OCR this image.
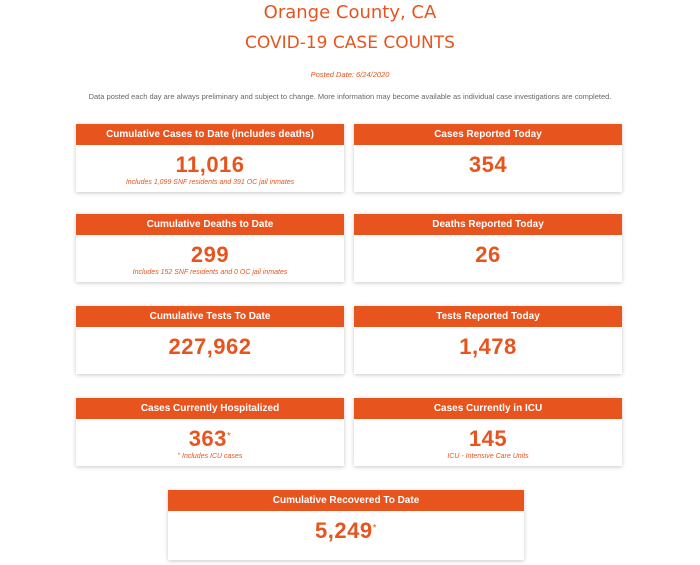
Orange County, CA
COVID-19 CASE COUNTS
Posted Date: 6/24/2020
Data posted each day are always preliminary and subject to change. More information may become available as individual case investigations are completed.
Cumulative Cases to Date (includes deaths)
11,016
Includes 1,099 SNF residents and 391 OC jail inmates
Cases Reported Today
354
Cumulative Deaths to Date
299
Includes 152 SNF residents and 0 OC jail inmates
Deaths Reported Today
26
Cumulative Tests To Date
227,962
Tests Reported Today
1,478
Cases Currently Hospitalized
363*
* Includes ICU cases
Cases Currently in ICU
145
ICU - Intensive Care Units
Cumulative Recovered To Date
5,249*
